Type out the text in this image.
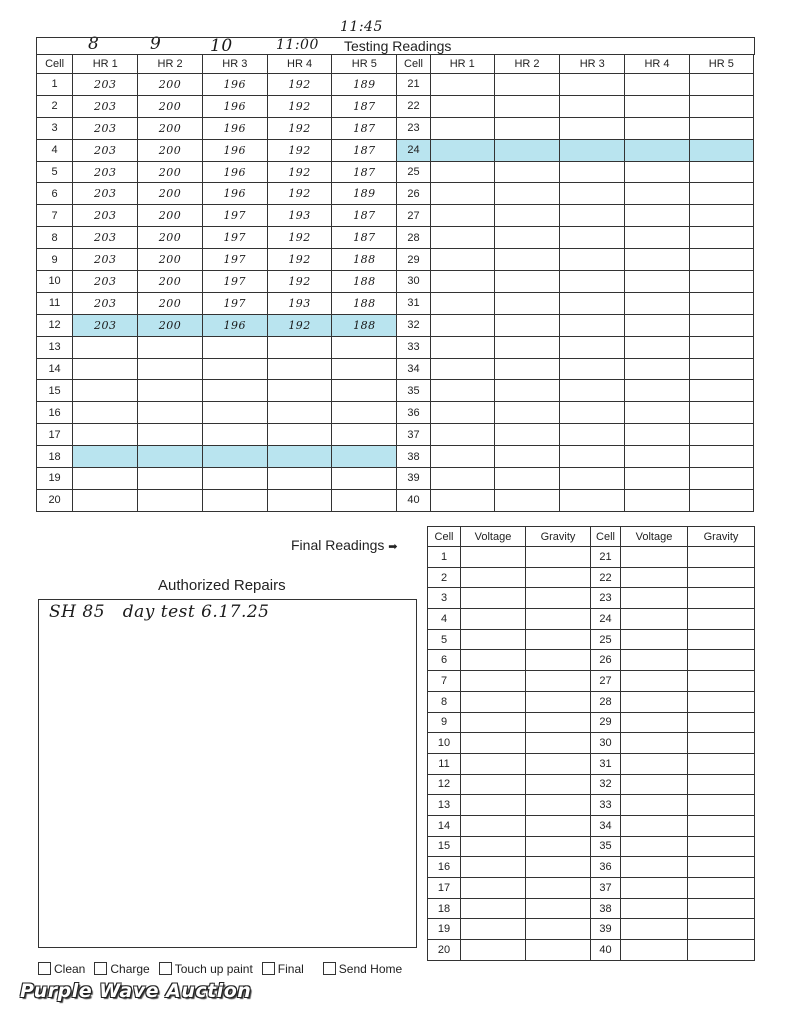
8	9	10	11:00
11:45
Testing Readings
Cell	HR 1	HR 2	HR 3	HR 4	HR 5	Cell	HR 1	HR 2	HR 3	HR 4	HR 5
1	203	200	196	192	189	21					
2	203	200	196	192	187	22					
3	203	200	196	192	187	23					
4	203	200	196	192	187	24					
5	203	200	196	192	187	25					
6	203	200	196	192	189	26					
7	203	200	197	193	187	27					
8	203	200	197	192	187	28					
9	203	200	197	192	188	29					
10	203	200	197	192	188	30					
11	203	200	197	193	188	31					
12	203	200	196	192	188	32					
13						33					
14						34					
15						35					
16						36					
17						37					
18						38					
19						39					
20						40					
Final Readings ➡
Cell	Voltage	Gravity	Cell	Voltage	Gravity
1			21		
2			22		
3			23		
4			24		
5			25		
6			26		
7			27		
8			28		
9			29		
10			30		
11			31		
12			32		
13			33		
14			34		
15			35		
16			36		
17			37		
18			38		
19			39		
20			40		
Authorized Repairs
SH 85   day test 6.17.25
Clean Charge Touch up paint Final	Send Home
Purple Wave Auction
